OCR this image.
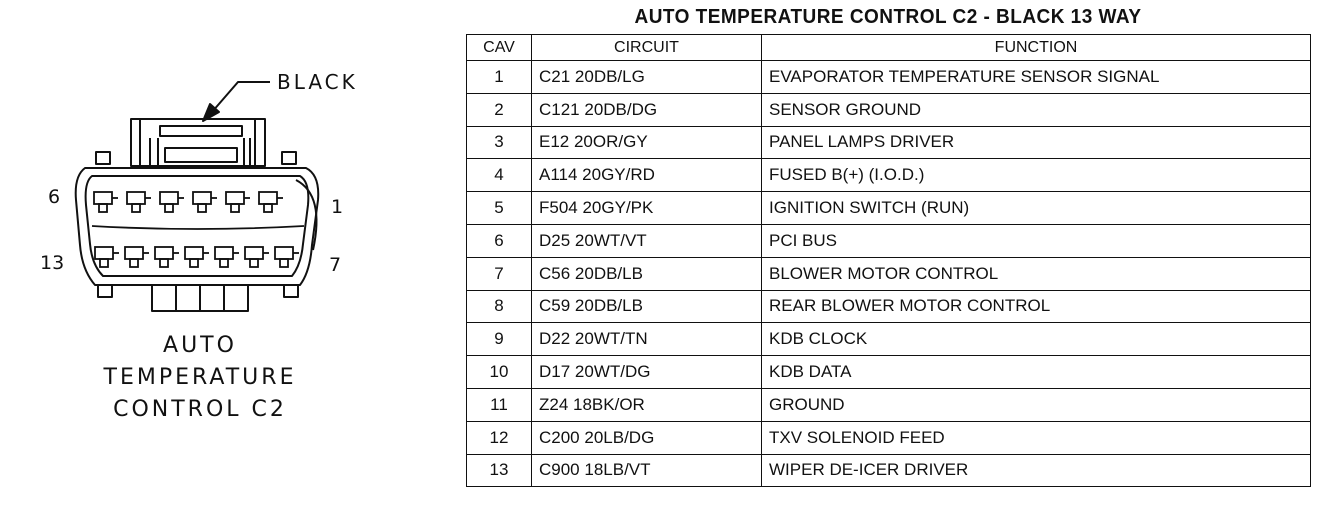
BLACK
6	1
13	7
AUTO
TEMPERATURE
CONTROL C2
AUTO TEMPERATURE CONTROL C2 - BLACK 13 WAY
CAV	CIRCUIT	FUNCTION
1	C21 20DB/LG	EVAPORATOR TEMPERATURE SENSOR SIGNAL
2	C121 20DB/DG	SENSOR GROUND
3	E12 20OR/GY	PANEL LAMPS DRIVER
4	A114 20GY/RD	FUSED B(+) (I.O.D.)
5	F504 20GY/PK	IGNITION SWITCH (RUN)
6	D25 20WT/VT	PCI BUS
7	C56 20DB/LB	BLOWER MOTOR CONTROL
8	C59 20DB/LB	REAR BLOWER MOTOR CONTROL
9	D22 20WT/TN	KDB CLOCK
10	D17 20WT/DG	KDB DATA
11	Z24 18BK/OR	GROUND
12	C200 20LB/DG	TXV SOLENOID FEED
13	C900 18LB/VT	WIPER DE-ICER DRIVER
